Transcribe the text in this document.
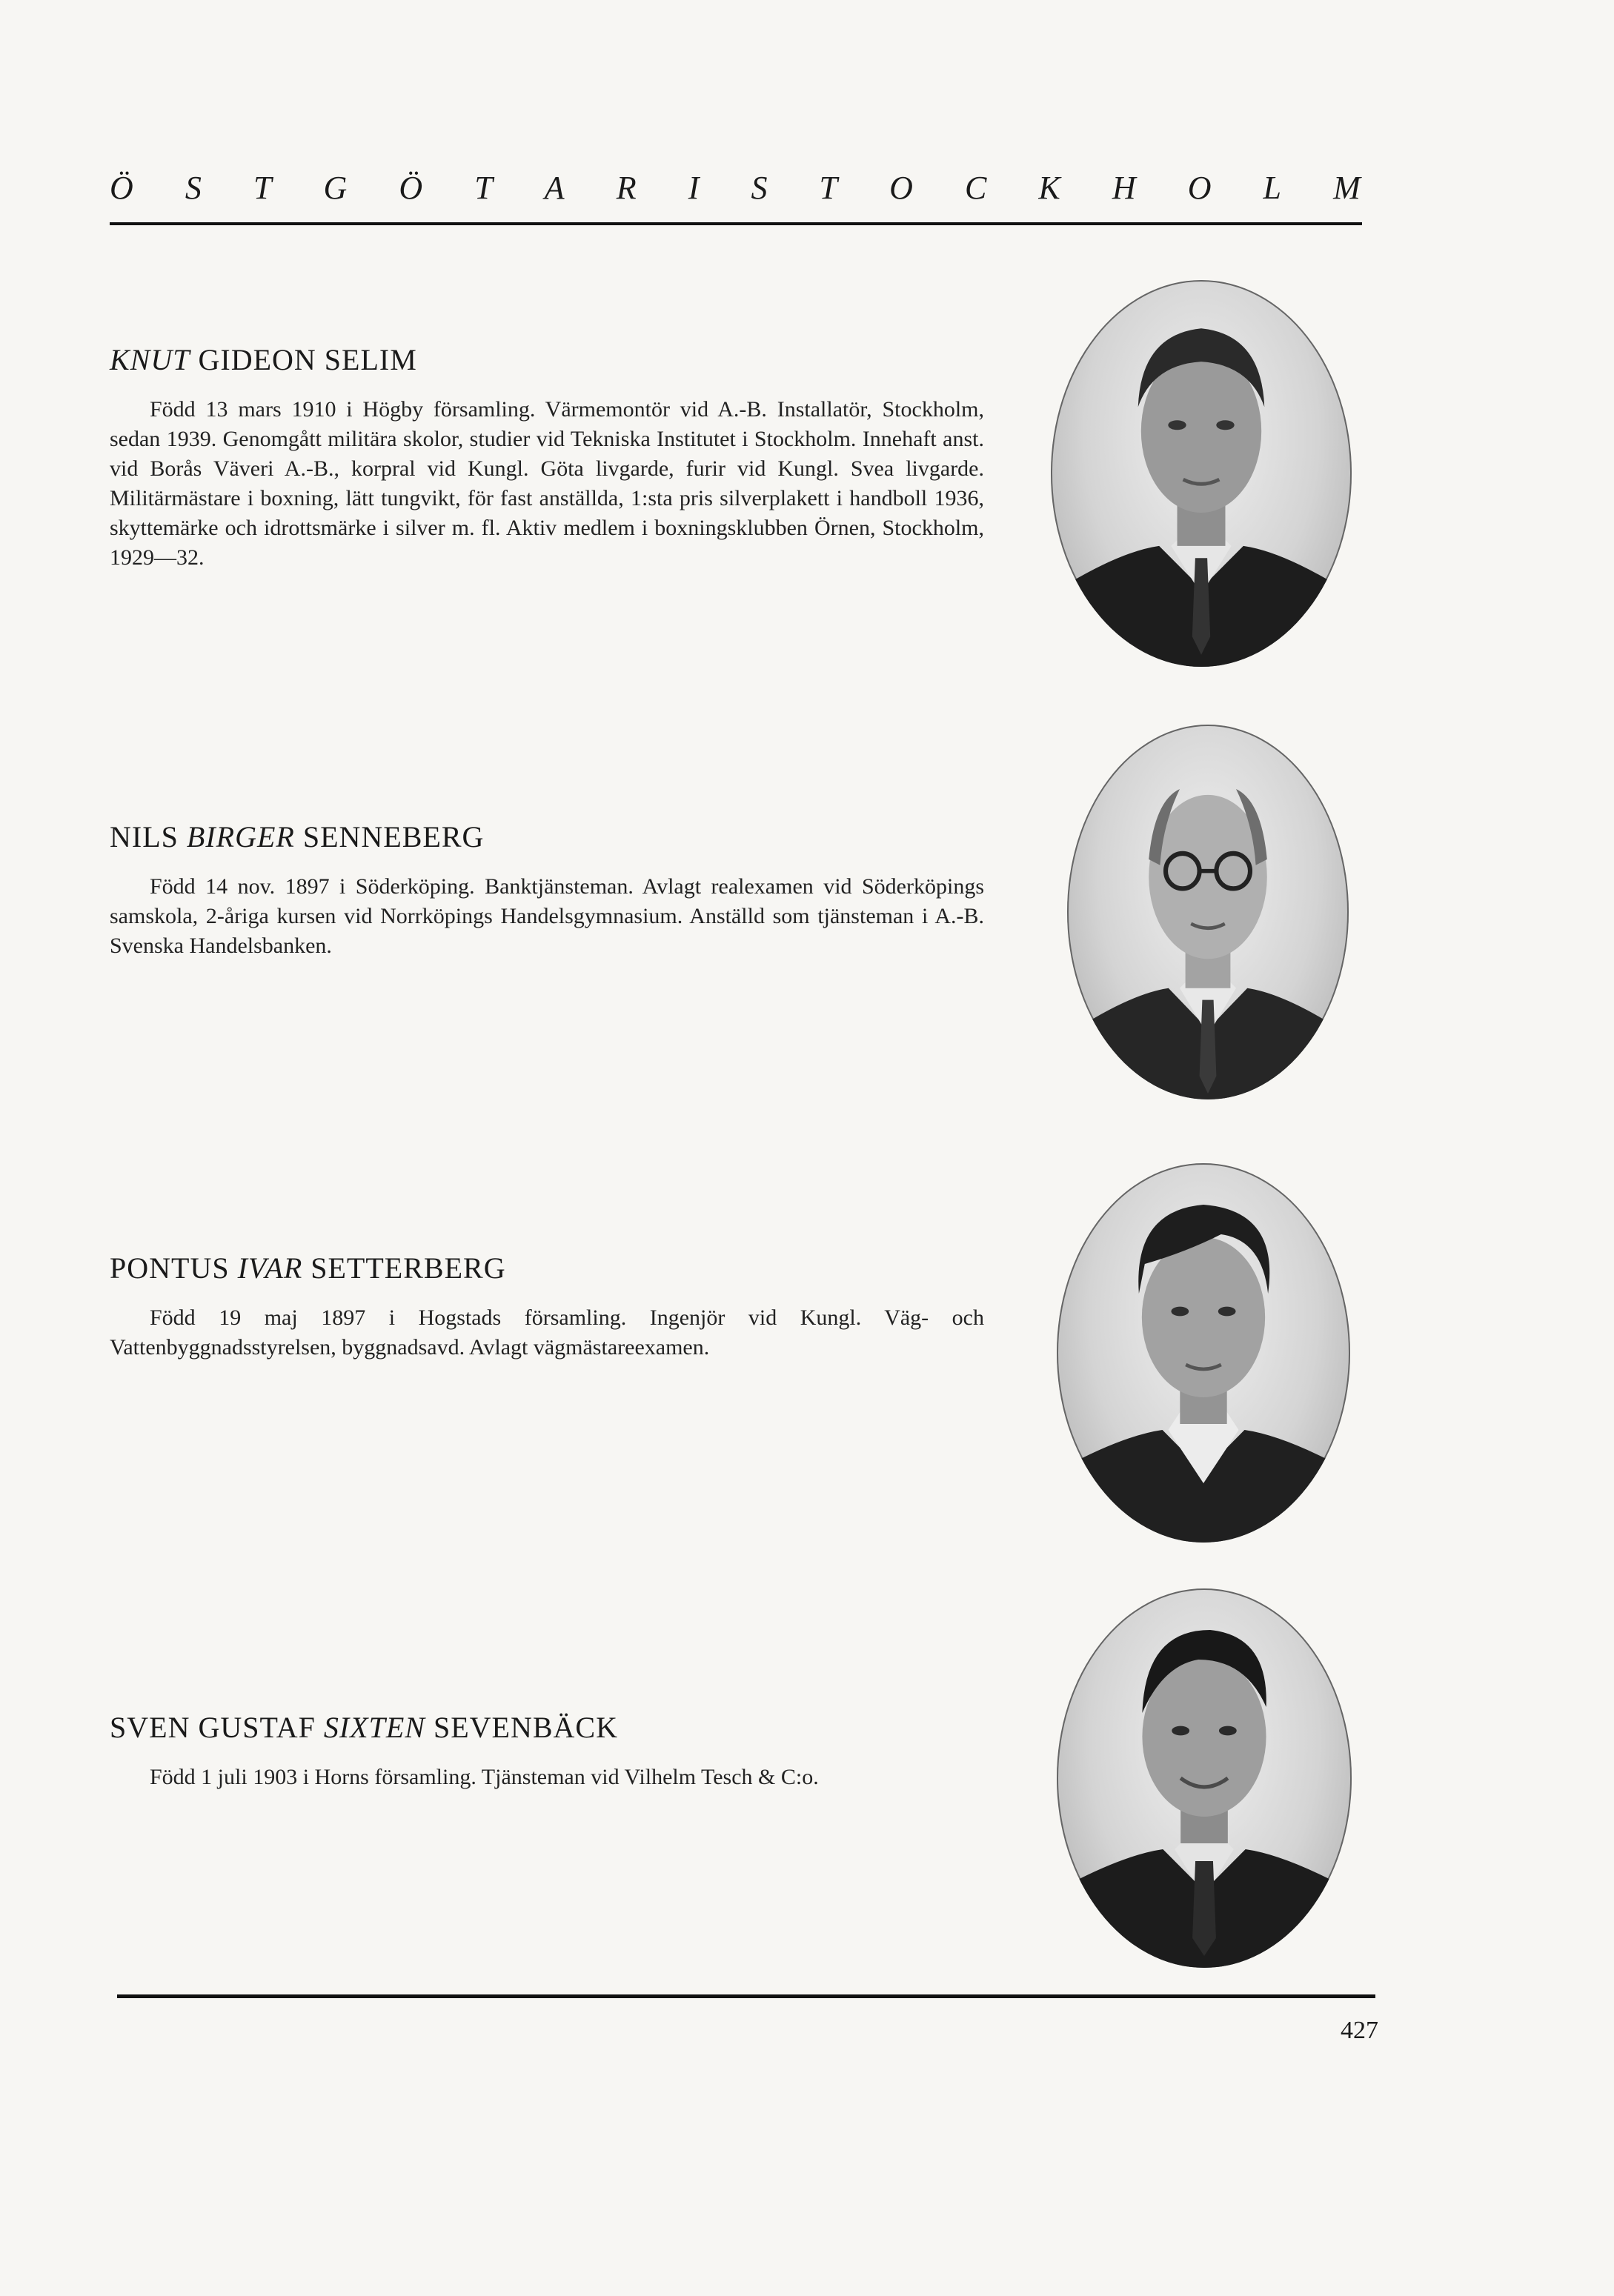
Ö S T G Ö T A R I S T O C K H O L M
KNUT GIDEON SELIM

Född 13 mars 1910 i Högby församling. Värmemontör vid A.-B. Installatör, Stockholm, sedan 1939. Genomgått militära skolor, studier vid Tekniska Institutet i Stockholm. Innehaft anst. vid Borås Väveri A.-B., korpral vid Kungl. Göta livgarde, furir vid Kungl. Svea livgarde. Militärmästare i boxning, lätt tungvikt, för fast anställda, 1:sta pris silverplakett i handboll 1936, skyttemärke och idrottsmärke i silver m. fl. Aktiv medlem i boxningsklubben Örnen, Stockholm, 1929—32.

NILS BIRGER SENNEBERG

Född 14 nov. 1897 i Söderköping. Banktjänsteman. Avlagt realexamen vid Söderköpings samskola, 2-åriga kursen vid Norrköpings Handelsgymnasium. Anställd som tjänsteman i A.-B. Svenska Handelsbanken.

PONTUS IVAR SETTERBERG

Född 19 maj 1897 i Hogstads församling. Ingenjör vid Kungl. Väg- och Vattenbyggnadsstyrelsen, byggnadsavd. Avlagt vägmästareexamen.

SVEN GUSTAF SIXTEN SEVENBÄCK

Född 1 juli 1903 i Horns församling. Tjänsteman vid Vilhelm Tesch & C:o.

427
